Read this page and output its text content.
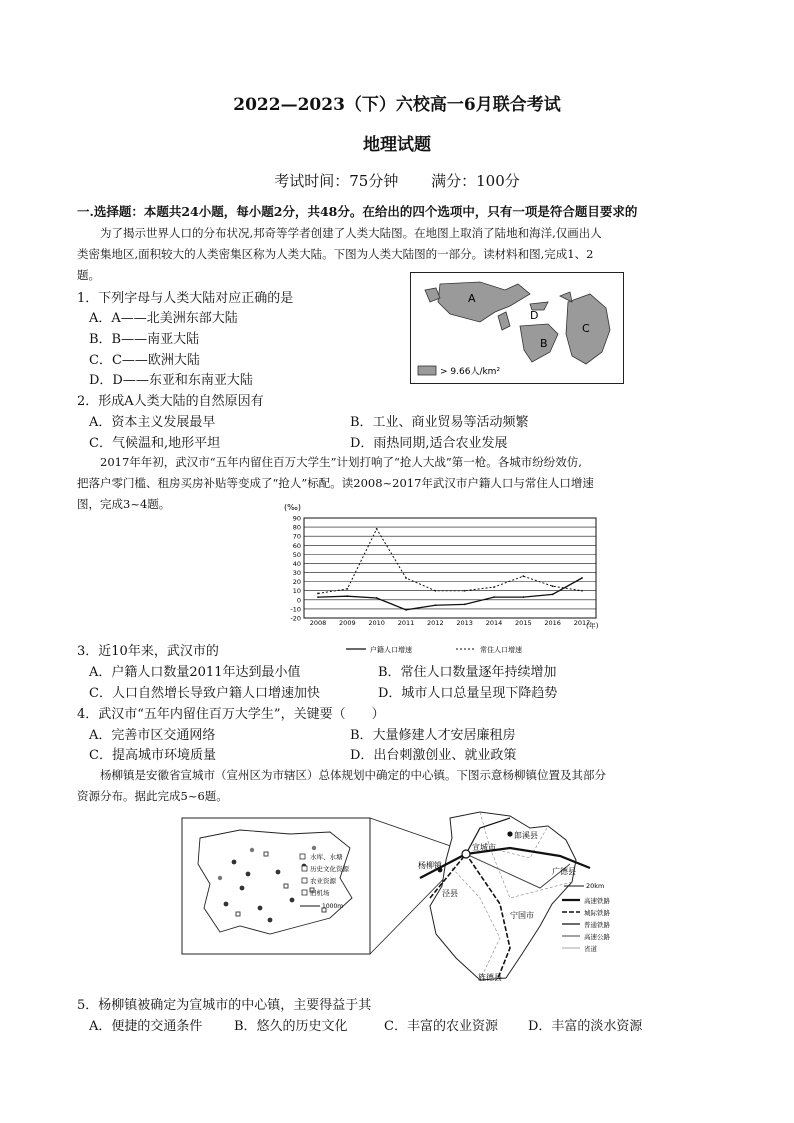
2022—2023（下）六校高一6月联合考试
地理试题
考试时间：75分钟 满分：100分
一.选择题：本题共24小题，每小题2分，共48分。在给出的四个选项中，只有一项是符合题目要求的
为了揭示世界人口的分布状况,邦奇等学者创建了人类大陆图。在地图上取消了陆地和海洋,仅画出人
类密集地区,面积较大的人类密集区称为人类大陆。下图为人类大陆图的一部分。读材料和图,完成1、2
题。
A
B
C
D
> 9.66人/km²
1．下列字母与人类大陆对应正确的是
A．A——北美洲东部大陆
B．B——南亚大陆
C．C——欧洲大陆
D．D——东亚和东南亚大陆
2．形成A人类大陆的自然原因有
A．资本主义发展最早	B．工业、商业贸易等活动频繁
C．气候温和,地形平坦	D．雨热同期,适合农业发展
2017年年初，武汉市“五年内留住百万大学生”计划打响了“抢人大战”第一枪。各城市纷纷效仿,
把落户零门槛、租房买房补贴等变成了“抢人”标配。读2008~2017年武汉市户籍人口与常住人口增速
图，完成3~4题。	(‰)
(年)
-20
-10
0
10
20
30
40
50
60
70
80
90
2008 2009 2010 2011 2012 2013 2014 2015 2016 2017
户籍人口增速	常住人口增速
3．近10年来，武汉市的
A．户籍人口数量2011年达到最小值	B．常住人口数量逐年持续增加
C．人口自然增长导致户籍人口增速加快	D．城市人口总量呈现下降趋势
4．武汉市“五年内留住百万大学生”，关键要（　　）
A．完善市区交通网络	B．大量修建人才安居廉租房
C．提高城市环境质量	D．出台刺激创业、就业政策
杨柳镇是安徽省宣城市（宣州区为市辖区）总体规划中确定的中心镇。下图示意杨柳镇位置及其部分
资源分布。据此完成5~6题。
水库、水塘
历史文化资源
农业资源
旧机场
1000m
郎溪县
宣城市
杨柳镇
泾县
广德县
宁国市
旌德县
20km
高速铁路
城际铁路
普通铁路
高速公路
省道
5．杨柳镇被确定为宣城市的中心镇，主要得益于其
A．便捷的交通条件 B．悠久的历史文化	C．丰富的农业资源 D．丰富的淡水资源
